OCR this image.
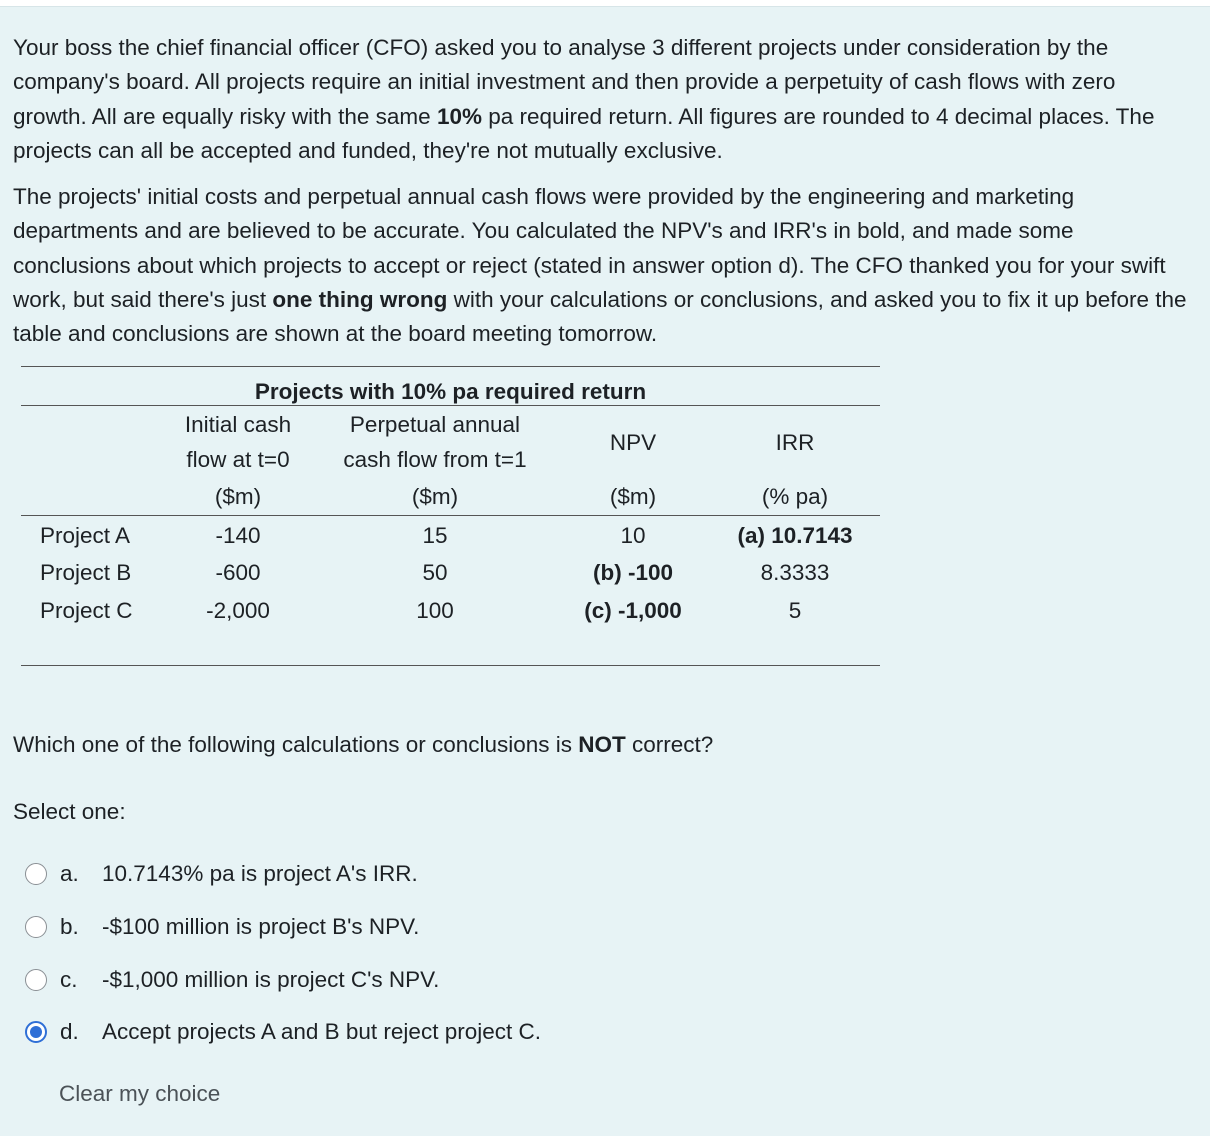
Your boss the chief financial officer (CFO) asked you to analyse 3 different projects under consideration by the company's board. All projects require an initial investment and then provide a perpetuity of cash flows with zero growth. All are equally risky with the same 10% pa required return. All figures are rounded to 4 decimal places. The projects can all be accepted and funded, they're not mutually exclusive.
The projects' initial costs and perpetual annual cash flows were provided by the engineering and marketing departments and are believed to be accurate. You calculated the NPV's and IRR's in bold, and made some conclusions about which projects to accept or reject (stated in answer option d). The CFO thanked you for your swift work, but said there's just one thing wrong with your calculations or conclusions, and asked you to fix it up before the table and conclusions are shown at the board meeting tomorrow.
Projects with 10% pa required return
Initial cash
flow at t=0
Perpetual annual
cash flow from t=1
NPV	IRR
($m)	($m)	($m)	(% pa)
Project A	-140	15	10	(a) 10.7143
Project B	-600	50	(b) -100	8.3333
Project C	-2,000	100	(c) -1,000	5
Which one of the following calculations or conclusions is NOT correct?
Select one:
a.	10.7143% pa is project A's IRR.
b.	-$100 million is project B's NPV.
c.	-$1,000 million is project C's NPV.
d.	Accept projects A and B but reject project C.
Clear my choice
